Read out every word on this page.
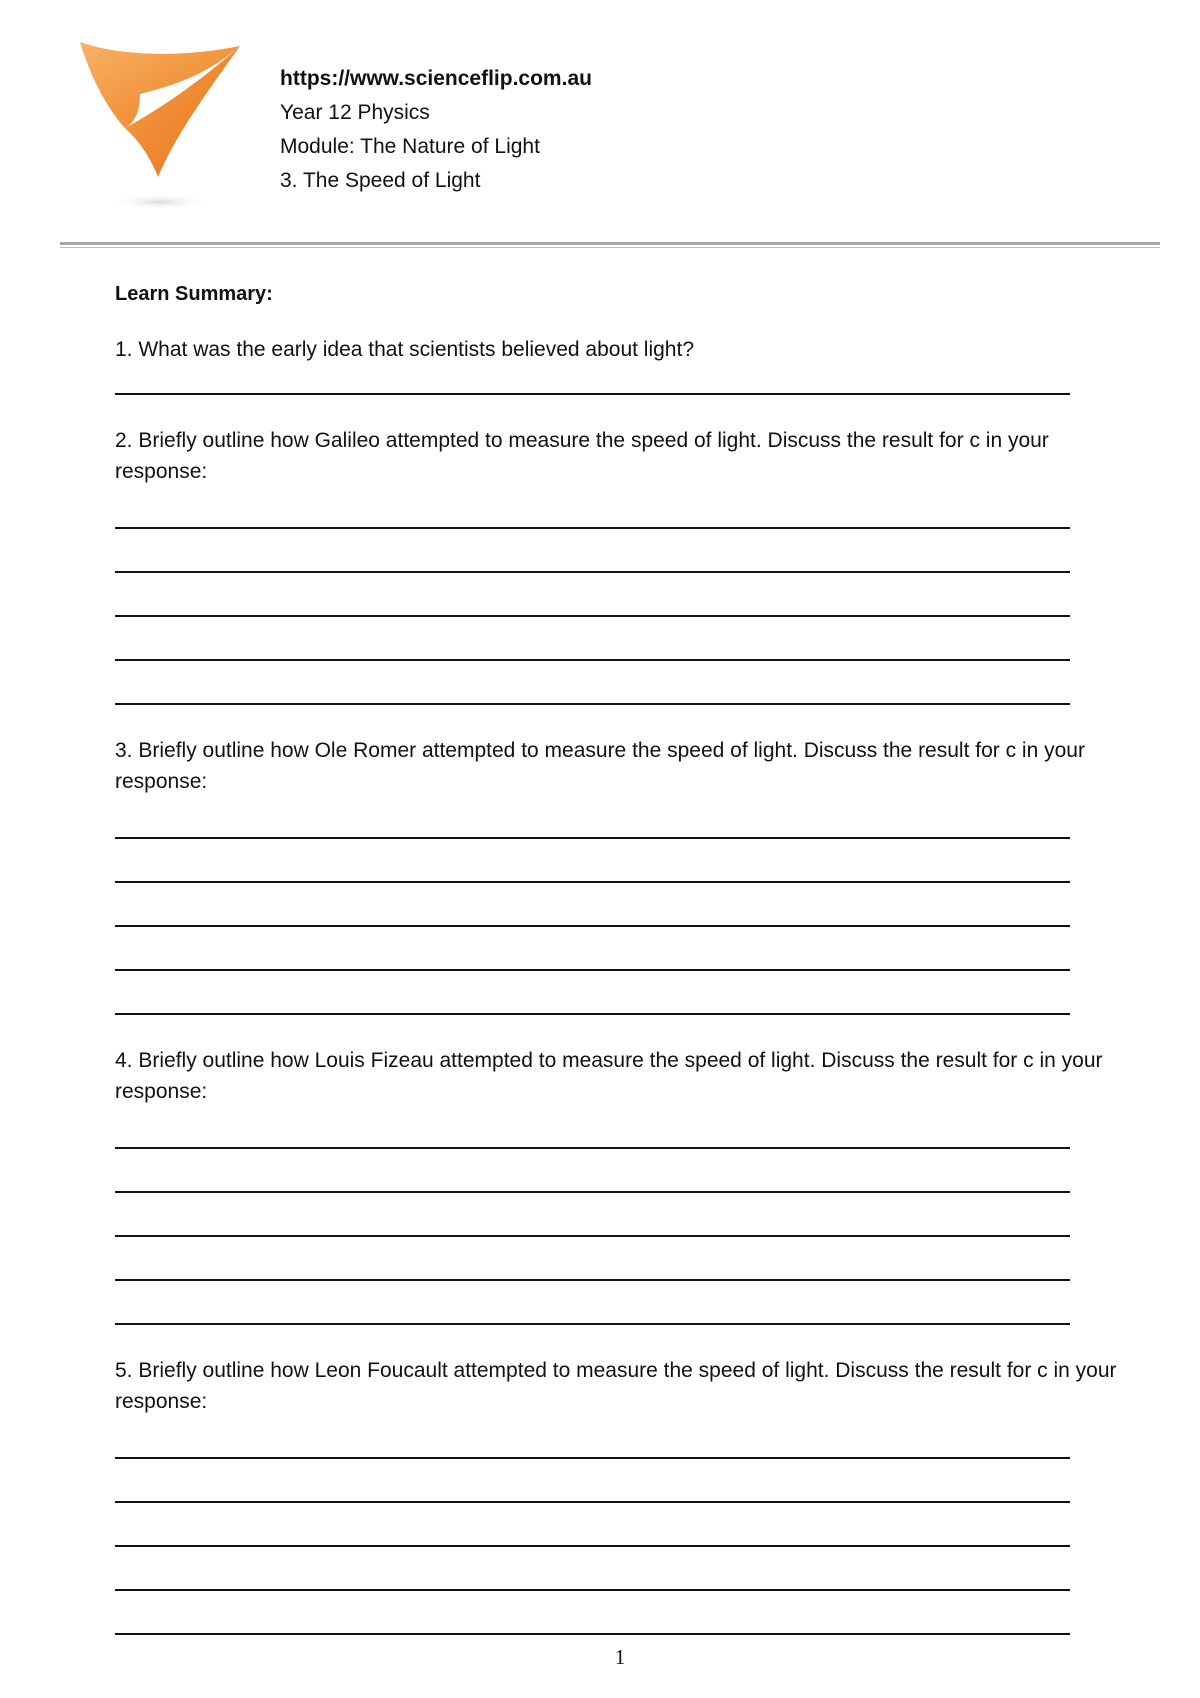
https://www.scienceflip.com.au
Year 12 Physics
Module: The Nature of Light
3. The Speed of Light

Learn Summary:

1. What was the early idea that scientists believed about light?

2. Briefly outline how Galileo attempted to measure the speed of light. Discuss the result for c in your response:

3. Briefly outline how Ole Romer attempted to measure the speed of light. Discuss the result for c in your response:

4. Briefly outline how Louis Fizeau attempted to measure the speed of light. Discuss the result for c in your response:

5. Briefly outline how Leon Foucault attempted to measure the speed of light. Discuss the result for c in your response:

1
